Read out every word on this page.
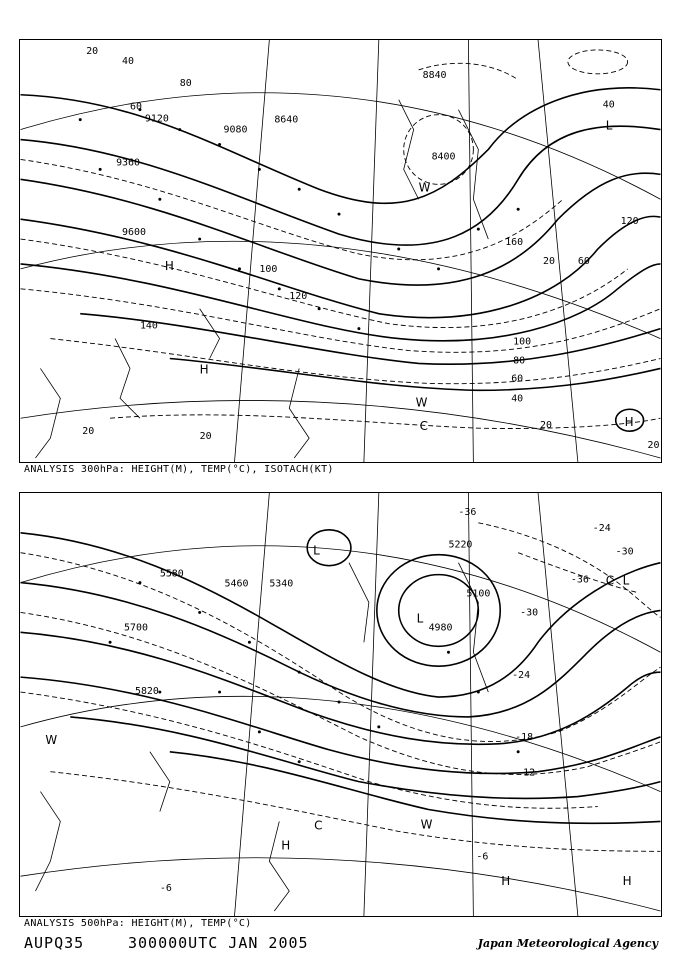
9120
9360
9600
9080
8640
8840
8400
20
40
60
80
100
120
140
160
20
40
60
80
100
120
20
20	20
40
60
20
H
H
W
C	H
L
W
ANALYSIS 300hPa: HEIGHT(M), TEMP(°C), ISOTACH(KT)
5580
5460 5340
5700
5820
5220
5100
4980
-36
-24
-30
-36
-30
-24
-18
-12
-6
-6
L
L
W
C	W
H
H	H
C L
ANALYSIS 500hPa: HEIGHT(M), TEMP(°C)
AUPQ35	300000UTC JAN 2005	Japan Meteorological Agency
